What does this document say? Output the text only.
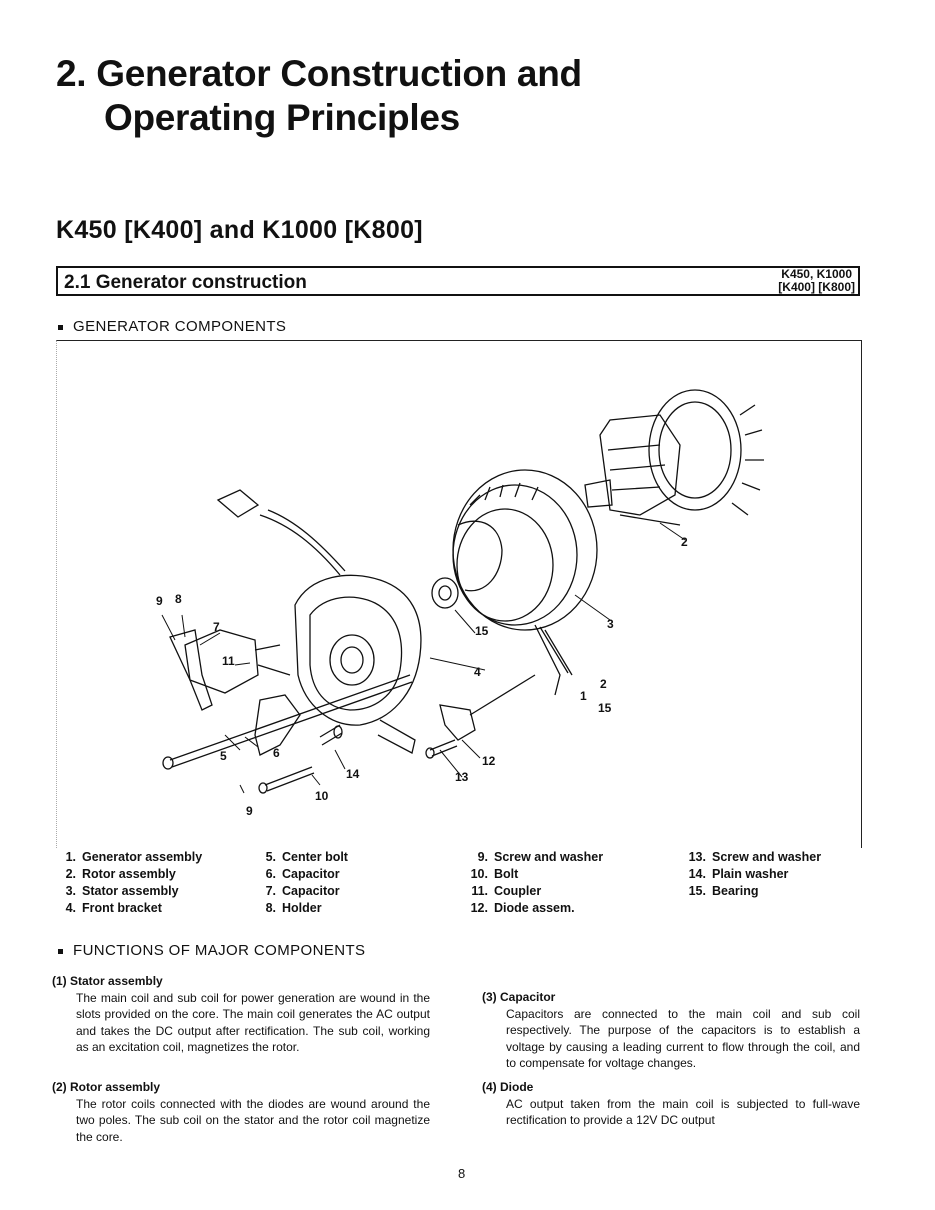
2. Generator Construction and
Operating Principles
K450 [K400] and K1000 [K800]
2.1 Generator construction	K450, K1000
[K400] [K800]
GENERATOR COMPONENTS
9 8
7
11
5	6
14
9
10
13
12
4
15	3
2
1
2
15
1. Generator assembly
2. Rotor assembly
3. Stator assembly
4. Front bracket
5. Center bolt
6. Capacitor
7. Capacitor
8. Holder
9. Screw and washer
10. Bolt
11. Coupler
12. Diode assem.
13. Screw and washer
14. Plain washer
15. Bearing
FUNCTIONS OF MAJOR COMPONENTS
(1) Stator assembly
The main coil and sub coil for power generation are wound in the slots provided on the core. The main coil generates the AC output and takes the DC output after rectification. The sub coil, working as an excitation coil, magnetizes the rotor.
(2) Rotor assembly
The rotor coils connected with the diodes are wound around the two poles. The sub coil on the stator and the rotor coil magnetize the core.
(3) Capacitor
Capacitors are connected to the main coil and sub coil respectively. The purpose of the capacitors is to establish a voltage by causing a leading current to flow through the coil, and to compensate for voltage changes.
(4) Diode
AC output taken from the main coil is subjected to full-wave rectification to provide a 12V DC output
8
